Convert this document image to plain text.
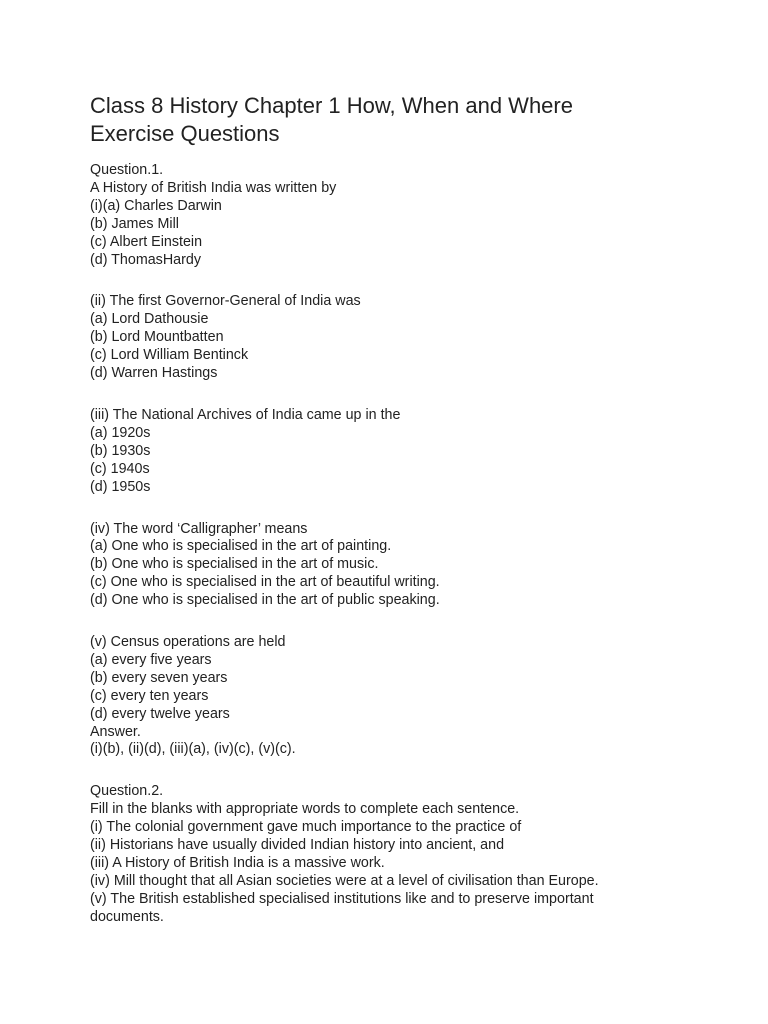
Class 8 History Chapter 1 How, When and Where
Exercise Questions
Question.1.
A History of British India was written by
(i)(a) Charles Darwin
(b) James Mill
(c) Albert Einstein
(d) ThomasHardy
(ii) The first Governor-General of India was
(a) Lord Dathousie
(b) Lord Mountbatten
(c) Lord William Bentinck
(d) Warren Hastings
(iii) The National Archives of India came up in the
(a) 1920s
(b) 1930s
(c) 1940s
(d) 1950s
(iv) The word ‘Calligrapher’ means
(a) One who is specialised in the art of painting.
(b) One who is specialised in the art of music.
(c) One who is specialised in the art of beautiful writing.
(d) One who is specialised in the art of public speaking.
(v) Census operations are held
(a) every five years
(b) every seven years
(c) every ten years
(d) every twelve years
Answer.
(i)(b), (ii)(d), (iii)(a), (iv)(c), (v)(c).
Question.2.
Fill in the blanks with appropriate words to complete each sentence.
(i) The colonial government gave much importance to the practice of
(ii) Historians have usually divided Indian history into ancient, and
(iii) A History of British India is a massive work.
(iv) Mill thought that all Asian societies were at a level of civilisation than Europe.
(v) The British established specialised institutions like and to preserve important
documents.
